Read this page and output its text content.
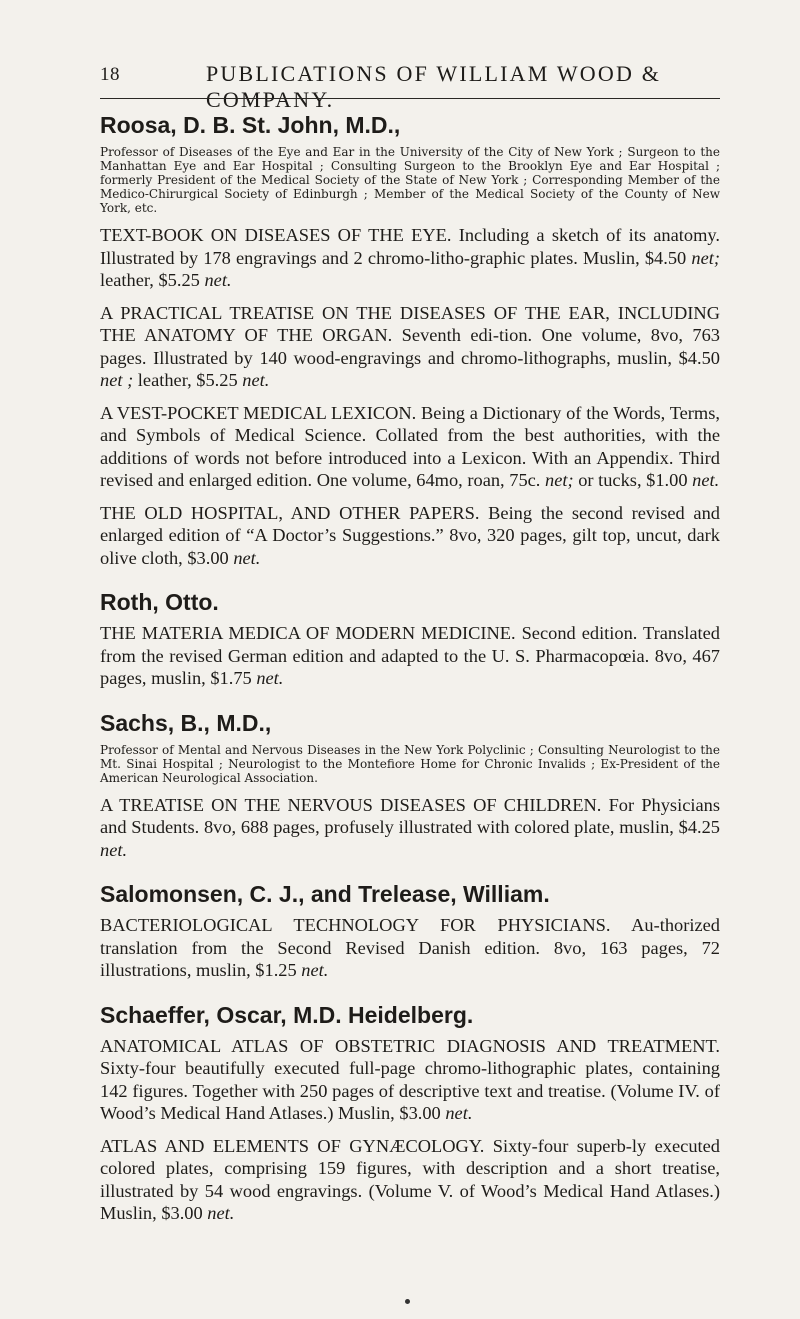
18	PUBLICATIONS OF WILLIAM WOOD & COMPANY.
Roosa, D. B. St. John, M.D.,
Professor of Diseases of the Eye and Ear in the University of the City of New York ; Surgeon to the Manhattan Eye and Ear Hospital ; Consulting Surgeon to the Brooklyn Eye and Ear Hospital ; formerly President of the Medical Society of the State of New York ; Corresponding Member of the Medico-Chirurgical Society of Edinburgh ; Member of the Medical Society of the County of New York, etc.

TEXT-BOOK ON DISEASES OF THE EYE. Including a sketch of its anatomy. Illustrated by 178 engravings and 2 chromo-litho-graphic plates. Muslin, $4.50 net; leather, $5.25 net.

A PRACTICAL TREATISE ON THE DISEASES OF THE EAR, INCLUDING THE ANATOMY OF THE ORGAN. Seventh edi-tion. One volume, 8vo, 763 pages. Illustrated by 140 wood-engravings and chromo-lithographs, muslin, $4.50 net ; leather, $5.25 net.

A VEST-POCKET MEDICAL LEXICON. Being a Dictionary of the Words, Terms, and Symbols of Medical Science. Collated from the best authorities, with the additions of words not before introduced into a Lexicon. With an Appendix. Third revised and enlarged edition. One volume, 64mo, roan, 75c. net; or tucks, $1.00 net.

THE OLD HOSPITAL, AND OTHER PAPERS. Being the second revised and enlarged edition of “A Doctor’s Suggestions.” 8vo, 320 pages, gilt top, uncut, dark olive cloth, $3.00 net.

Roth, Otto.

THE MATERIA MEDICA OF MODERN MEDICINE. Second edition. Translated from the revised German edition and adapted to the U. S. Pharmacopœia. 8vo, 467 pages, muslin, $1.75 net.

Sachs, B., M.D.,
Professor of Mental and Nervous Diseases in the New York Polyclinic ; Consulting Neurologist to the Mt. Sinai Hospital ; Neurologist to the Montefiore Home for Chronic Invalids ; Ex-President of the American Neurological Association.

A TREATISE ON THE NERVOUS DISEASES OF CHILDREN. For Physicians and Students. 8vo, 688 pages, profusely illustrated with colored plate, muslin, $4.25 net.

Salomonsen, C. J., and Trelease, William.

BACTERIOLOGICAL TECHNOLOGY FOR PHYSICIANS. Au-thorized translation from the Second Revised Danish edition. 8vo, 163 pages, 72 illustrations, muslin, $1.25 net.

Schaeffer, Oscar, M.D. Heidelberg.

ANATOMICAL ATLAS OF OBSTETRIC DIAGNOSIS AND TREATMENT. Sixty-four beautifully executed full-page chromo-lithographic plates, containing 142 figures. Together with 250 pages of descriptive text and treatise. (Volume IV. of Wood’s Medical Hand Atlases.) Muslin, $3.00 net.

ATLAS AND ELEMENTS OF GYNÆCOLOGY. Sixty-four superb-ly executed colored plates, comprising 159 figures, with description and a short treatise, illustrated by 54 wood engravings. (Volume V. of Wood’s Medical Hand Atlases.) Muslin, $3.00 net.
